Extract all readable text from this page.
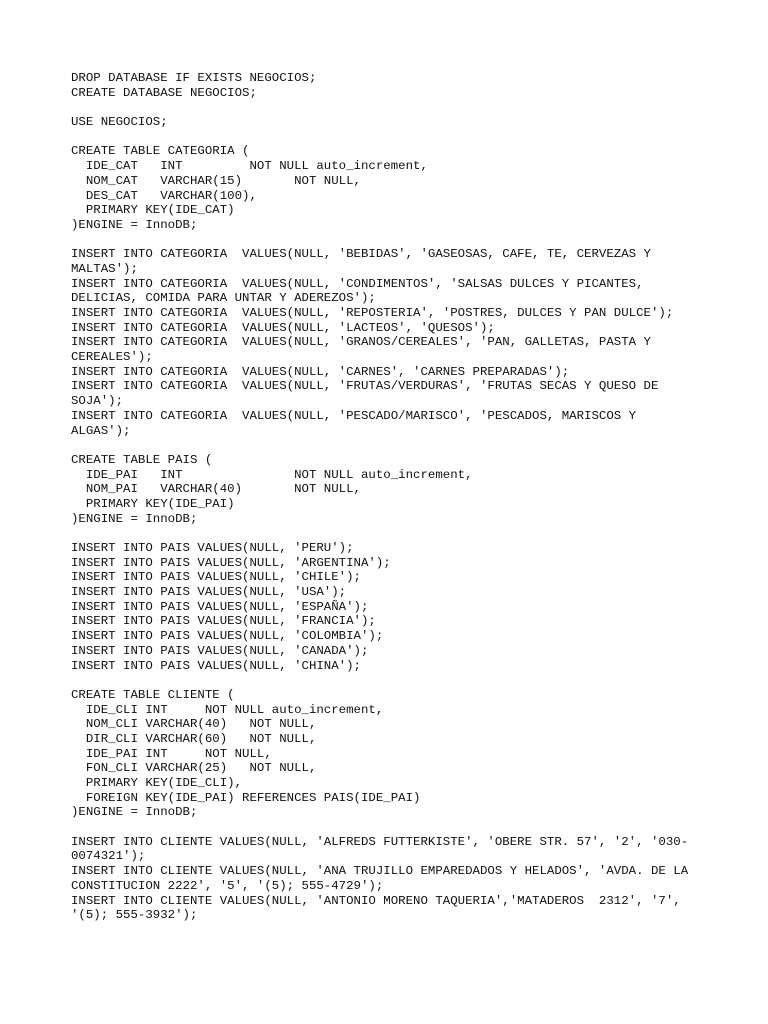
DROP DATABASE IF EXISTS NEGOCIOS;
CREATE DATABASE NEGOCIOS;
USE NEGOCIOS;
CREATE TABLE CATEGORIA (
IDE_CAT   INT         NOT NULL auto_increment,
NOM_CAT   VARCHAR(15)       NOT NULL,
DES_CAT   VARCHAR(100),
PRIMARY KEY(IDE_CAT)
)ENGINE = InnoDB;
INSERT INTO CATEGORIA  VALUES(NULL, 'BEBIDAS', 'GASEOSAS, CAFE, TE, CERVEZAS Y
MALTAS');
INSERT INTO CATEGORIA  VALUES(NULL, 'CONDIMENTOS', 'SALSAS DULCES Y PICANTES,
DELICIAS, COMIDA PARA UNTAR Y ADEREZOS');
INSERT INTO CATEGORIA  VALUES(NULL, 'REPOSTERIA', 'POSTRES, DULCES Y PAN DULCE');
INSERT INTO CATEGORIA  VALUES(NULL, 'LACTEOS', 'QUESOS');
INSERT INTO CATEGORIA  VALUES(NULL, 'GRANOS/CEREALES', 'PAN, GALLETAS, PASTA Y
CEREALES');
INSERT INTO CATEGORIA  VALUES(NULL, 'CARNES', 'CARNES PREPARADAS');
INSERT INTO CATEGORIA  VALUES(NULL, 'FRUTAS/VERDURAS', 'FRUTAS SECAS Y QUESO DE
SOJA');
INSERT INTO CATEGORIA  VALUES(NULL, 'PESCADO/MARISCO', 'PESCADOS, MARISCOS Y
ALGAS');
CREATE TABLE PAIS (
IDE_PAI   INT               NOT NULL auto_increment,
NOM_PAI   VARCHAR(40)       NOT NULL,
PRIMARY KEY(IDE_PAI)
)ENGINE = InnoDB;
INSERT INTO PAIS VALUES(NULL, 'PERU');
INSERT INTO PAIS VALUES(NULL, 'ARGENTINA');
INSERT INTO PAIS VALUES(NULL, 'CHILE');
INSERT INTO PAIS VALUES(NULL, 'USA');
INSERT INTO PAIS VALUES(NULL, 'ESPAÑA');
INSERT INTO PAIS VALUES(NULL, 'FRANCIA');
INSERT INTO PAIS VALUES(NULL, 'COLOMBIA');
INSERT INTO PAIS VALUES(NULL, 'CANADA');
INSERT INTO PAIS VALUES(NULL, 'CHINA');
CREATE TABLE CLIENTE (
IDE_CLI INT     NOT NULL auto_increment,
NOM_CLI VARCHAR(40)   NOT NULL,
DIR_CLI VARCHAR(60)   NOT NULL,
IDE_PAI INT     NOT NULL,
FON_CLI VARCHAR(25)   NOT NULL,
PRIMARY KEY(IDE_CLI),
FOREIGN KEY(IDE_PAI) REFERENCES PAIS(IDE_PAI)
)ENGINE = InnoDB;
INSERT INTO CLIENTE VALUES(NULL, 'ALFREDS FUTTERKISTE', 'OBERE STR. 57', '2', '030-
0074321');
INSERT INTO CLIENTE VALUES(NULL, 'ANA TRUJILLO EMPAREDADOS Y HELADOS', 'AVDA. DE LA
CONSTITUCION 2222', '5', '(5); 555-4729');
INSERT INTO CLIENTE VALUES(NULL, 'ANTONIO MORENO TAQUERIA','MATADEROS  2312', '7',
'(5); 555-3932');
